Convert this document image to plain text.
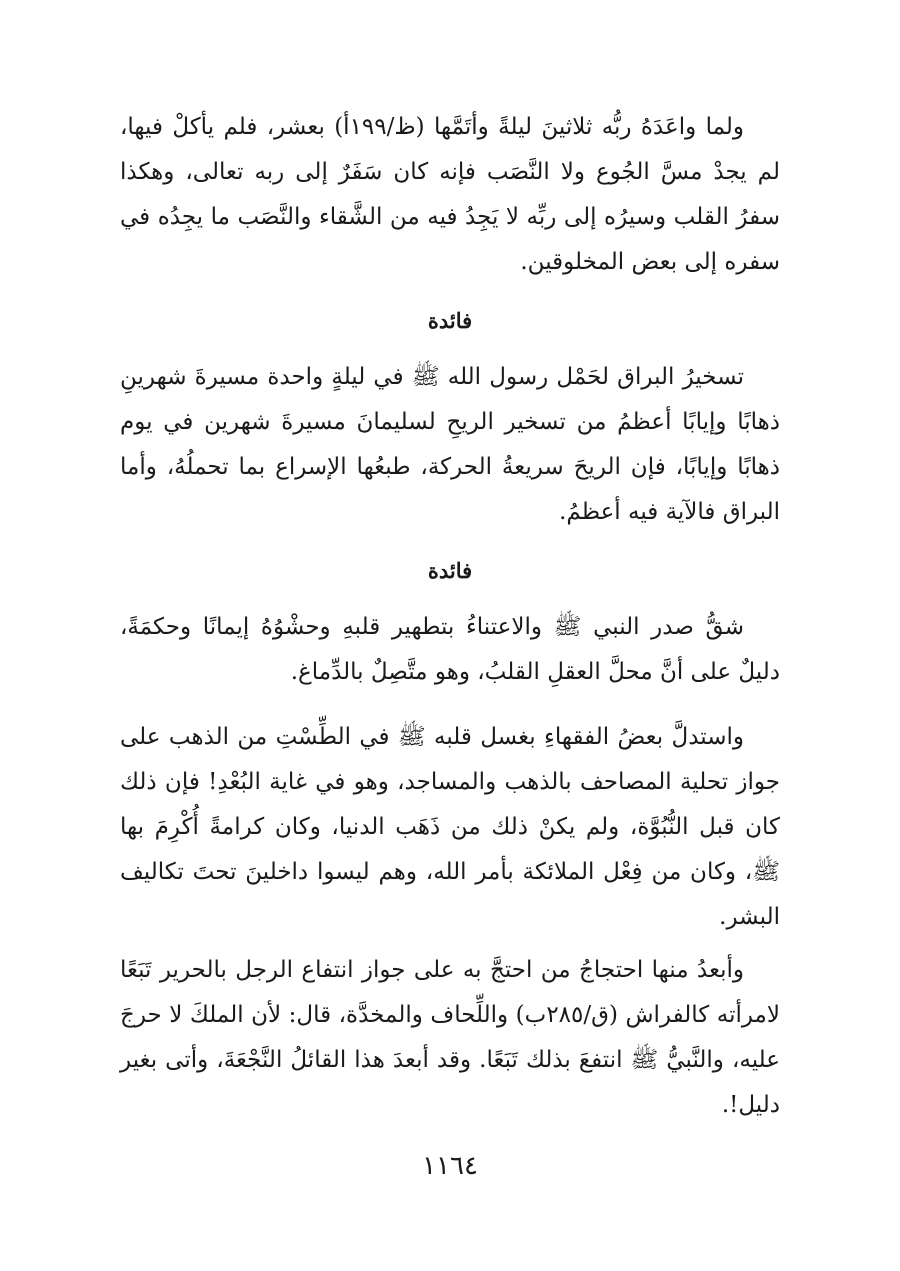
ولما واعَدَهُ ربُّه ثلاثينَ ليلةً وأتَمَّها (ظ/١٩٩أ) بعشر، فلم يأكلْ فيها، لم يجدْ مسَّ الجُوع ولا النَّصَب فإنه كان سَفَرٌ إلى ربه تعالى، وهكذا سفرُ القلب وسيرُه إلى ربِّه لا يَجِدُ فيه من الشَّقاء والنَّصَب ما يجِدُه في سفره إلى بعض المخلوقين.

فائدة

تسخيرُ البراق لحَمْل رسول الله ﷺ في ليلةٍ واحدة مسيرةَ شهرينِ ذهابًا وإيابًا أعظمُ من تسخير الريحِ لسليمانَ مسيرةَ شهرين في يوم ذهابًا وإيابًا، فإن الريحَ سريعةُ الحركة، طبعُها الإسراع بما تحملُهُ، وأما البراق فالآية فيه أعظمُ.

فائدة

شقُّ صدر النبي ﷺ والاعتناءُ بتطهير قلبهِ وحشْوُهُ إيمانًا وحكمَةً، دليلٌ على أنَّ محلَّ العقلِ القلبُ، وهو متَّصِلٌ بالدِّماغ.

واستدلَّ بعضُ الفقهاءِ بغسل قلبه ﷺ في الطِّسْتِ من الذهب على جواز تحلية المصاحف بالذهب والمساجد، وهو في غاية البُعْدِ! فإن ذلك كان قبل النُّبُوَّة، ولم يكنْ ذلك من ذَهَب الدنيا، وكان كرامةً أُكْرِمَ بها ﷺ، وكان من فِعْل الملائكة بأمر الله، وهم ليسوا داخلينَ تحتَ تكاليف البشر.

وأبعدُ منها احتجاجُ من احتجَّ به على جواز انتفاع الرجل بالحرير تَبَعًا لامرأته كالفراش (ق/٢٨٥ب) واللِّحاف والمخدَّة، قال: لأن الملكَ لا حرجَ عليه، والنَّبيُّ ﷺ انتفعَ بذلك تَبَعًا. وقد أبعدَ هذا القائلُ النَّجْعَةَ، وأتى بغير دليل!.

١١٦٤
